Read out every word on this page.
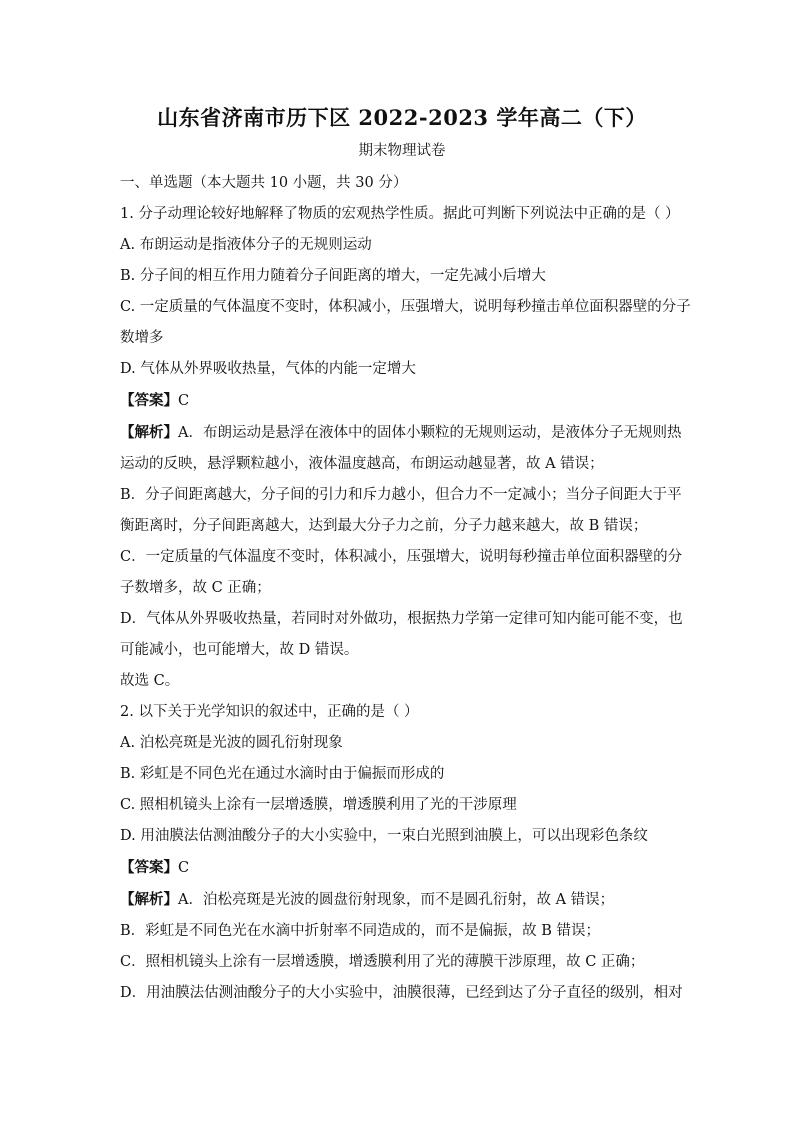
山东省济南市历下区 2022-2023 学年高二（下）
期末物理试卷

一、单选题（本大题共 10 小题，共 30 分）

1. 分子动理论较好地解释了物质的宏观热学性质。据此可判断下列说法中正确的是（ ）

A. 布朗运动是指液体分子的无规则运动

B. 分子间的相互作用力随着分子间距离的增大，一定先减小后增大

C. 一定质量的气体温度不变时，体积减小，压强增大，说明每秒撞击单位面积器壁的分子

数增多

D. 气体从外界吸收热量，气体的内能一定增大

【答案】C

【解析】A．布朗运动是悬浮在液体中的固体小颗粒的无规则运动，是液体分子无规则热

运动的反映，悬浮颗粒越小，液体温度越高，布朗运动越显著，故 A 错误；

B．分子间距离越大，分子间的引力和斥力越小，但合力不一定减小；当分子间距大于平

衡距离时，分子间距离越大，达到最大分子力之前，分子力越来越大，故 B 错误；

C．一定质量的气体温度不变时，体积减小，压强增大，说明每秒撞击单位面积器壁的分

子数增多，故 C 正确；

D．气体从外界吸收热量，若同时对外做功，根据热力学第一定律可知内能可能不变，也

可能减小，也可能增大，故 D 错误。

故选 C。

2. 以下关于光学知识的叙述中，正确的是（ ）

A. 泊松亮斑是光波的圆孔衍射现象

B. 彩虹是不同色光在通过水滴时由于偏振而形成的

C. 照相机镜头上涂有一层增透膜，增透膜利用了光的干涉原理

D. 用油膜法估测油酸分子的大小实验中，一束白光照到油膜上，可以出现彩色条纹

【答案】C

【解析】A．泊松亮斑是光波的圆盘衍射现象，而不是圆孔衍射，故 A 错误；

B．彩虹是不同色光在水滴中折射率不同造成的，而不是偏振，故 B 错误；

C．照相机镜头上涂有一层增透膜，增透膜利用了光的薄膜干涉原理，故 C 正确；

D．用油膜法估测油酸分子的大小实验中，油膜很薄，已经到达了分子直径的级别，相对
